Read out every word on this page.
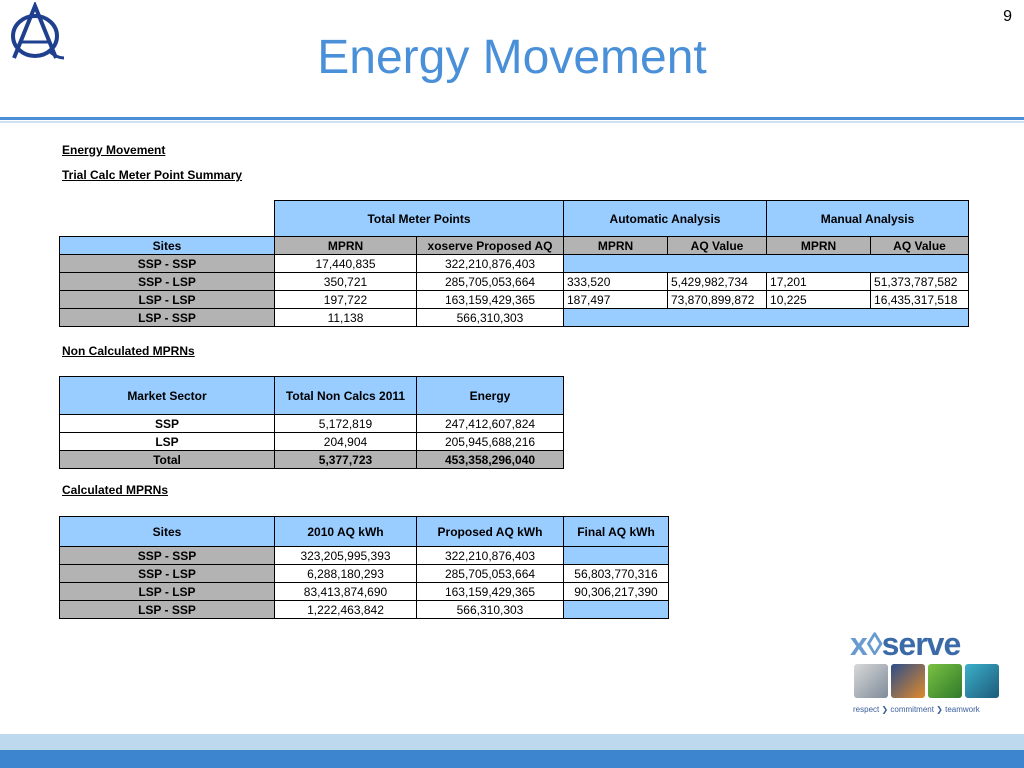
Energy Movement
9
Energy Movement
Trial Calc Meter Point Summary
	Total Meter Points		Automatic Analysis		Manual Analysis	
Sites	MPRN	xoserve Proposed AQ	MPRN	AQ Value	MPRN	AQ Value
SSP - SSP	17,440,835	322,210,876,403				
SSP - LSP	350,721	285,705,053,664	333,520	5,429,982,734	17,201	51,373,787,582
LSP - LSP	197,722	163,159,429,365	187,497	73,870,899,872	10,225	16,435,317,518
LSP - SSP	11,138	566,310,303				
Non Calculated MPRNs
Market Sector	Total Non Calcs 2011	Energy
SSP	5,172,819	247,412,607,824
LSP	204,904	205,945,688,216
Total	5,377,723	453,358,296,040
Calculated MPRNs
Sites	2010 AQ kWh	Proposed AQ kWh	Final AQ kWh
SSP - SSP	323,205,995,393	322,210,876,403	
SSP - LSP	6,288,180,293	285,705,053,664	56,803,770,316
LSP - LSP	83,413,874,690	163,159,429,365	90,306,217,390
LSP - SSP	1,222,463,842	566,310,303	
x◊serve
respect ❯ commitment ❯ teamwork
